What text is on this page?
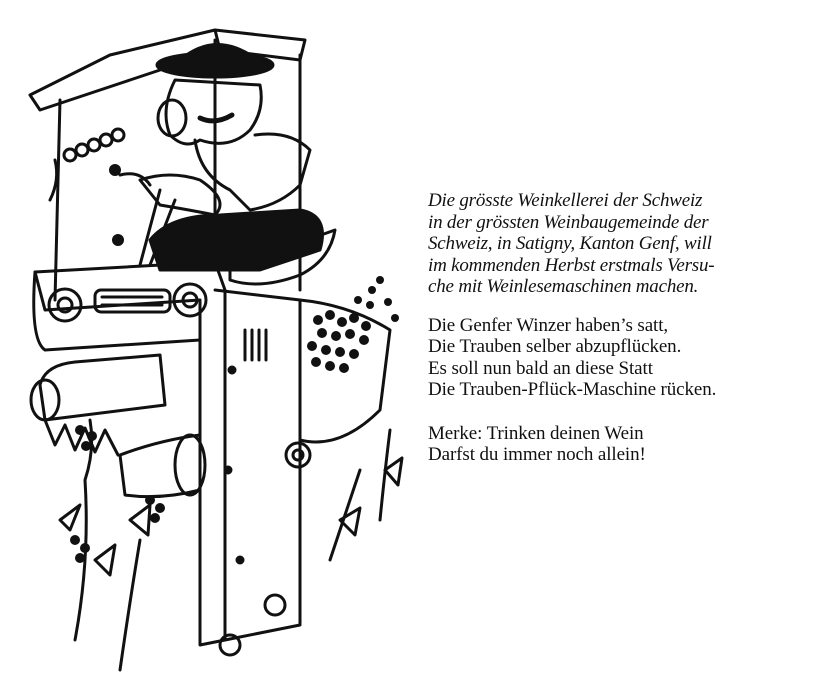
Die grösste Weinkellerei der Schweiz

in der grössten Weinbaugemeinde der

Schweiz, in Satigny, Kanton Genf, will

im kommenden Herbst erstmals Versu-

che mit Weinlesemaschinen machen.

Die Genfer Winzer haben’s satt,

Die Trauben selber abzupflücken.

Es soll nun bald an diese Statt

Die Trauben-Pflück-Maschine rücken.

Merke: Trinken deinen Wein

Darfst du immer noch allein!
